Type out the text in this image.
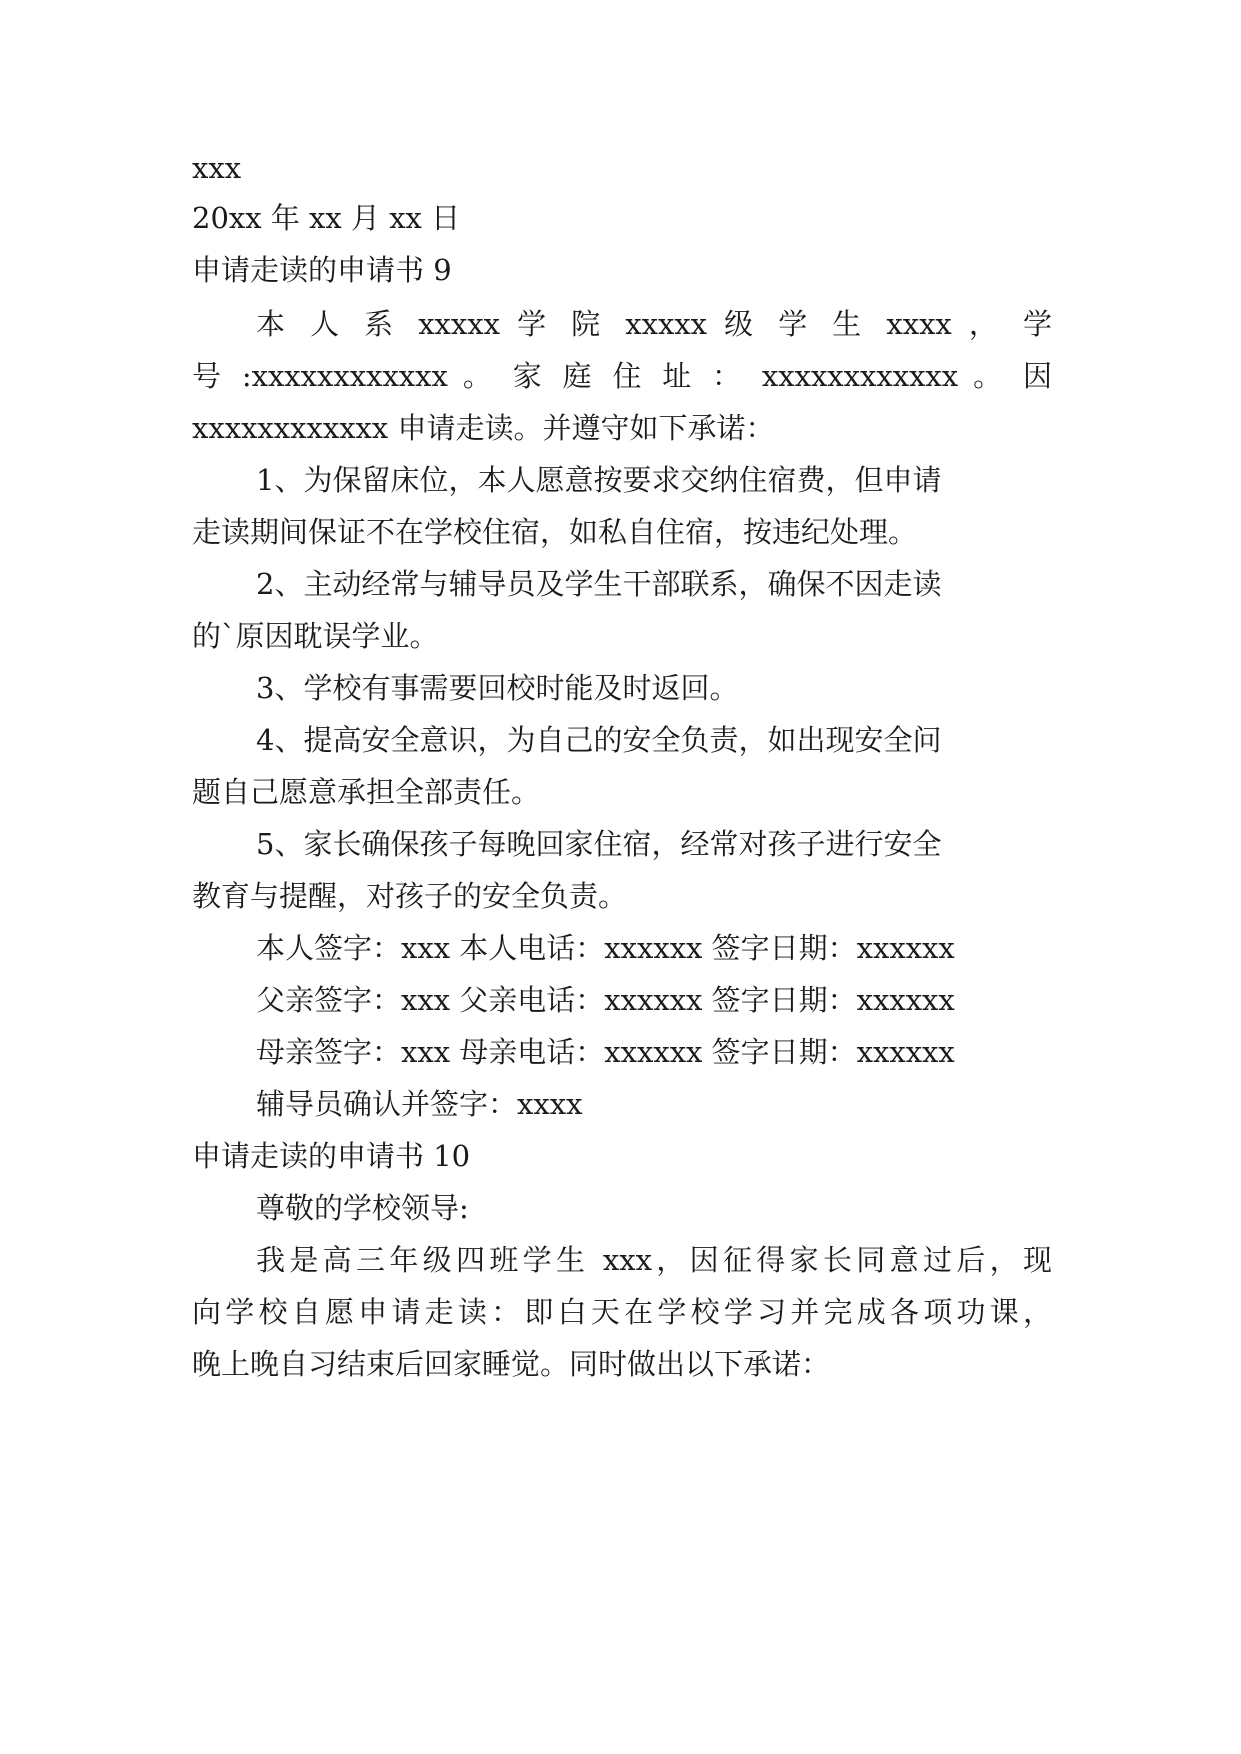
xxx
20xx 年 xx 月 xx 日
申请走读的申请书 9
本 人 系 xxxxx 学 院 xxxxx 级 学 生 xxxx ， 学
号 :xxxxxxxxxxxx 。 家 庭 住 址 ： xxxxxxxxxxxx 。 因
xxxxxxxxxxxx 申请走读。并遵守如下承诺：
1、为保留床位，本人愿意按要求交纳住宿费，但申请
走读期间保证不在学校住宿，如私自住宿，按违纪处理。
2、主动经常与辅导员及学生干部联系，确保不因走读
的`原因耽误学业。
3、学校有事需要回校时能及时返回。
4、提高安全意识，为自己的安全负责，如出现安全问
题自己愿意承担全部责任。
5、家长确保孩子每晚回家住宿，经常对孩子进行安全
教育与提醒，对孩子的安全负责。
本人签字：xxx 本人电话：xxxxxx 签字日期：xxxxxx
父亲签字：xxx 父亲电话：xxxxxx 签字日期：xxxxxx
母亲签字：xxx 母亲电话：xxxxxx 签字日期：xxxxxx
辅导员确认并签字：xxxx
申请走读的申请书 10
尊敬的学校领导:
我是高三年级四班学生 xxx，因征得家长同意过后，现
向学校自愿申请走读：即白天在学校学习并完成各项功课，
晚上晚自习结束后回家睡觉。同时做出以下承诺：
